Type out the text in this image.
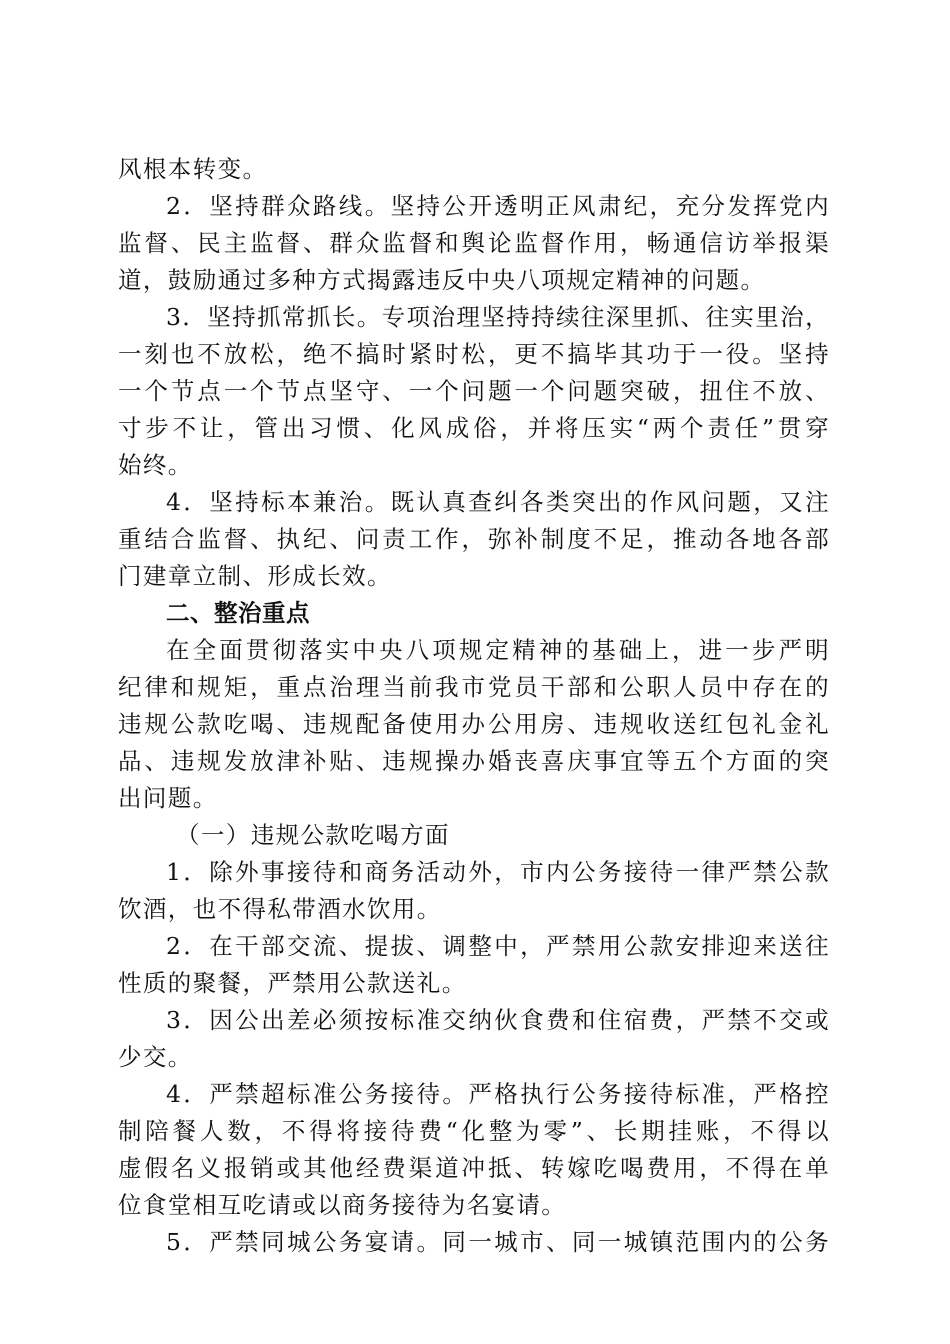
风根本转变。
2．坚持群众路线。坚持公开透明正风肃纪，充分发挥党内
监督、民主监督、群众监督和舆论监督作用，畅通信访举报渠
道，鼓励通过多种方式揭露违反中央八项规定精神的问题。
3．坚持抓常抓长。专项治理坚持持续往深里抓、往实里治，
一刻也不放松，绝不搞时紧时松，更不搞毕其功于一役。坚持
一个节点一个节点坚守、一个问题一个问题突破，扭住不放、
寸步不让，管出习惯、化风成俗，并将压实“两个责任”贯穿
始终。
4．坚持标本兼治。既认真查纠各类突出的作风问题，又注
重结合监督、执纪、问责工作，弥补制度不足，推动各地各部
门建章立制、形成长效。
二、整治重点
在全面贯彻落实中央八项规定精神的基础上，进一步严明
纪律和规矩，重点治理当前我市党员干部和公职人员中存在的
违规公款吃喝、违规配备使用办公用房、违规收送红包礼金礼
品、违规发放津补贴、违规操办婚丧喜庆事宜等五个方面的突
出问题。
（一）违规公款吃喝方面
1．除外事接待和商务活动外，市内公务接待一律严禁公款
饮酒，也不得私带酒水饮用。
2．在干部交流、提拔、调整中，严禁用公款安排迎来送往
性质的聚餐，严禁用公款送礼。
3．因公出差必须按标准交纳伙食费和住宿费，严禁不交或
少交。
4．严禁超标准公务接待。严格执行公务接待标准，严格控
制陪餐人数，不得将接待费“化整为零”、长期挂账，不得以
虚假名义报销或其他经费渠道冲抵、转嫁吃喝费用，不得在单
位食堂相互吃请或以商务接待为名宴请。
5．严禁同城公务宴请。同一城市、同一城镇范围内的公务
